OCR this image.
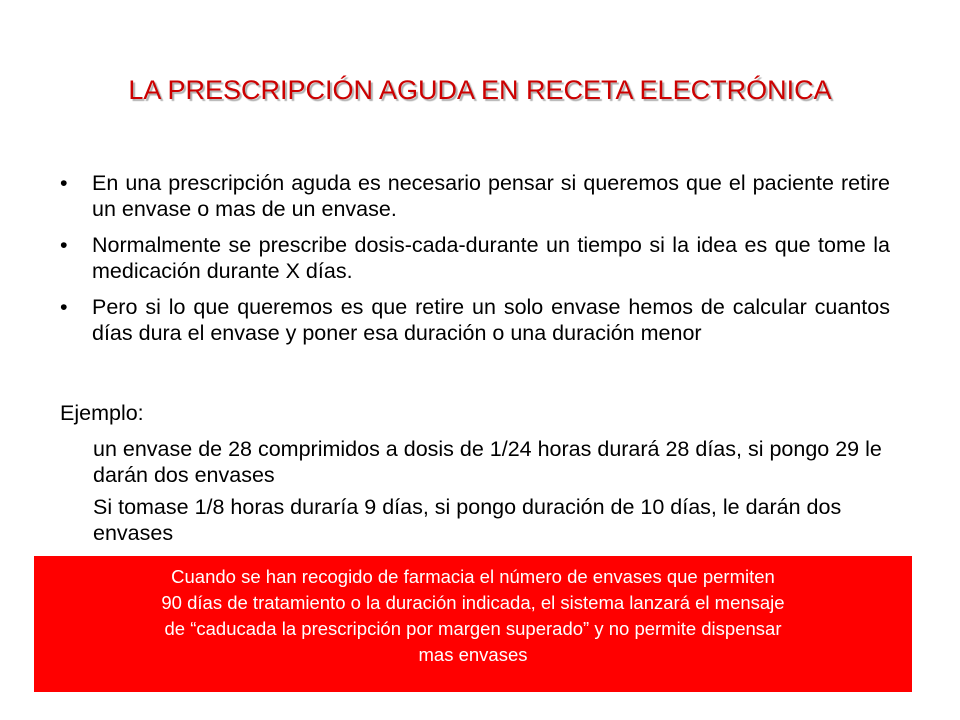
LA PRESCRIPCIÓN AGUDA EN RECETA ELECTRÓNICA
• En una prescripción aguda es necesario pensar si queremos que el paciente retire un envase o mas de un envase.
• Normalmente se prescribe dosis-cada-durante un tiempo si la idea es que tome la medicación durante X días.
• Pero si lo que queremos es que retire un solo envase hemos de calcular cuantos días dura el envase y poner esa duración o una duración menor

Ejemplo:

un envase de 28 comprimidos a dosis de 1/24 horas durará 28 días, si pongo 29 le darán dos envases

Si tomase 1/8 horas duraría 9 días, si pongo duración de 10 días, le darán dos envases

Cuando se han recogido de farmacia el número de envases que permiten

90 días de tratamiento o la duración indicada, el sistema lanzará el mensaje

de “caducada la prescripción por margen superado” y no permite dispensar

mas envases
